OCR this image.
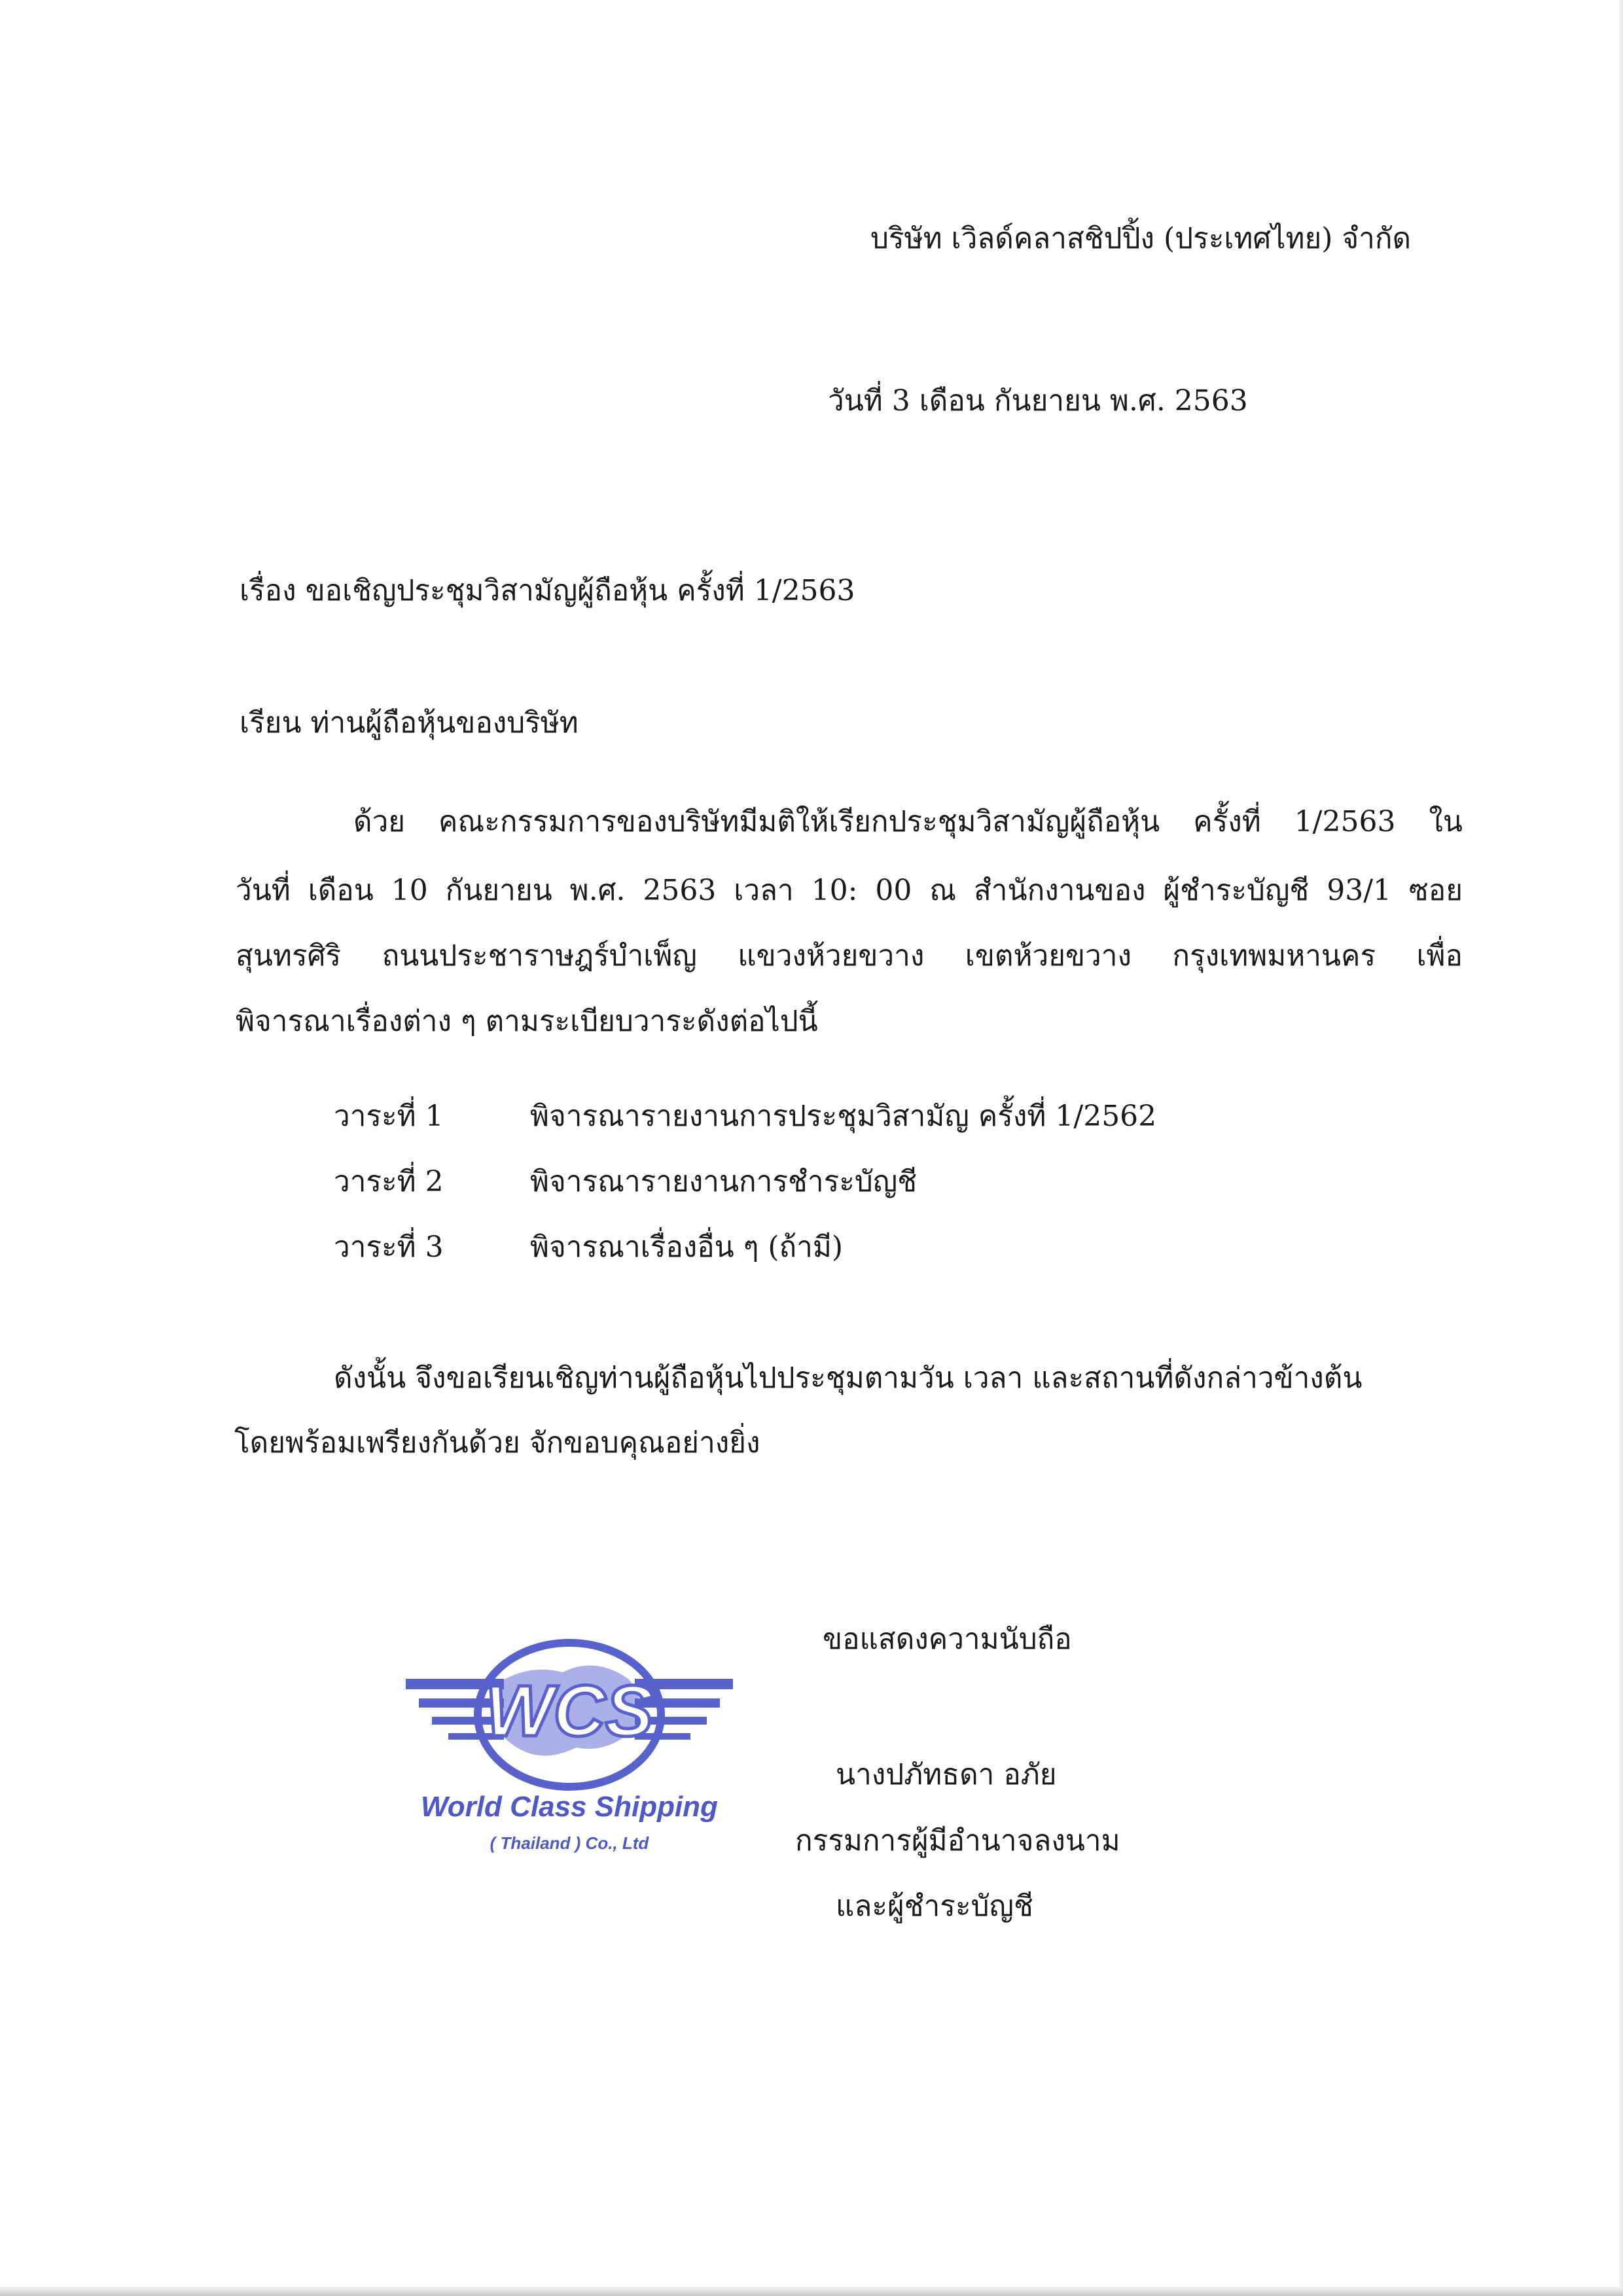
บริษัท เวิลด์คลาสชิปปิ้ง (ประเทศไทย) จำกัด
วันที่ 3 เดือน กันยายน พ.ศ. 2563
เรื่อง ขอเชิญประชุมวิสามัญผู้ถือหุ้น ครั้งที่ 1/2563
เรียน ท่านผู้ถือหุ้นของบริษัท
ด้วย คณะกรรมการของบริษัทมีมติให้เรียกประชุมวิสามัญผู้ถือหุ้น ครั้งที่ 1/2563 ใน
วันที่ เดือน 10 กันยายน พ.ศ. 2563 เวลา 10: 00 ณ สำนักงานของ ผู้ชำระบัญชี 93/1 ซอย
สุนทรศิริ ถนนประชาราษฎร์บำเพ็ญ แขวงห้วยขวาง เขตห้วยขวาง กรุงเทพมหานคร เพื่อ
พิจารณาเรื่องต่าง ๆ ตามระเบียบวาระดังต่อไปนี้
วาระที่ 1	พิจารณารายงานการประชุมวิสามัญ ครั้งที่ 1/2562
วาระที่ 2	พิจารณารายงานการชำระบัญชี
วาระที่ 3	พิจารณาเรื่องอื่น ๆ (ถ้ามี)
ดังนั้น จึงขอเรียนเชิญท่านผู้ถือหุ้นไปประชุมตามวัน เวลา และสถานที่ดังกล่าวข้างต้น
โดยพร้อมเพรียงกันด้วย จักขอบคุณอย่างยิ่ง
ขอแสดงความนับถือ
WCS
World Class Shipping
( Thailand ) Co., Ltd
นางปภัทธดา อภัย
กรรมการผู้มีอำนาจลงนาม
และผู้ชำระบัญชี
